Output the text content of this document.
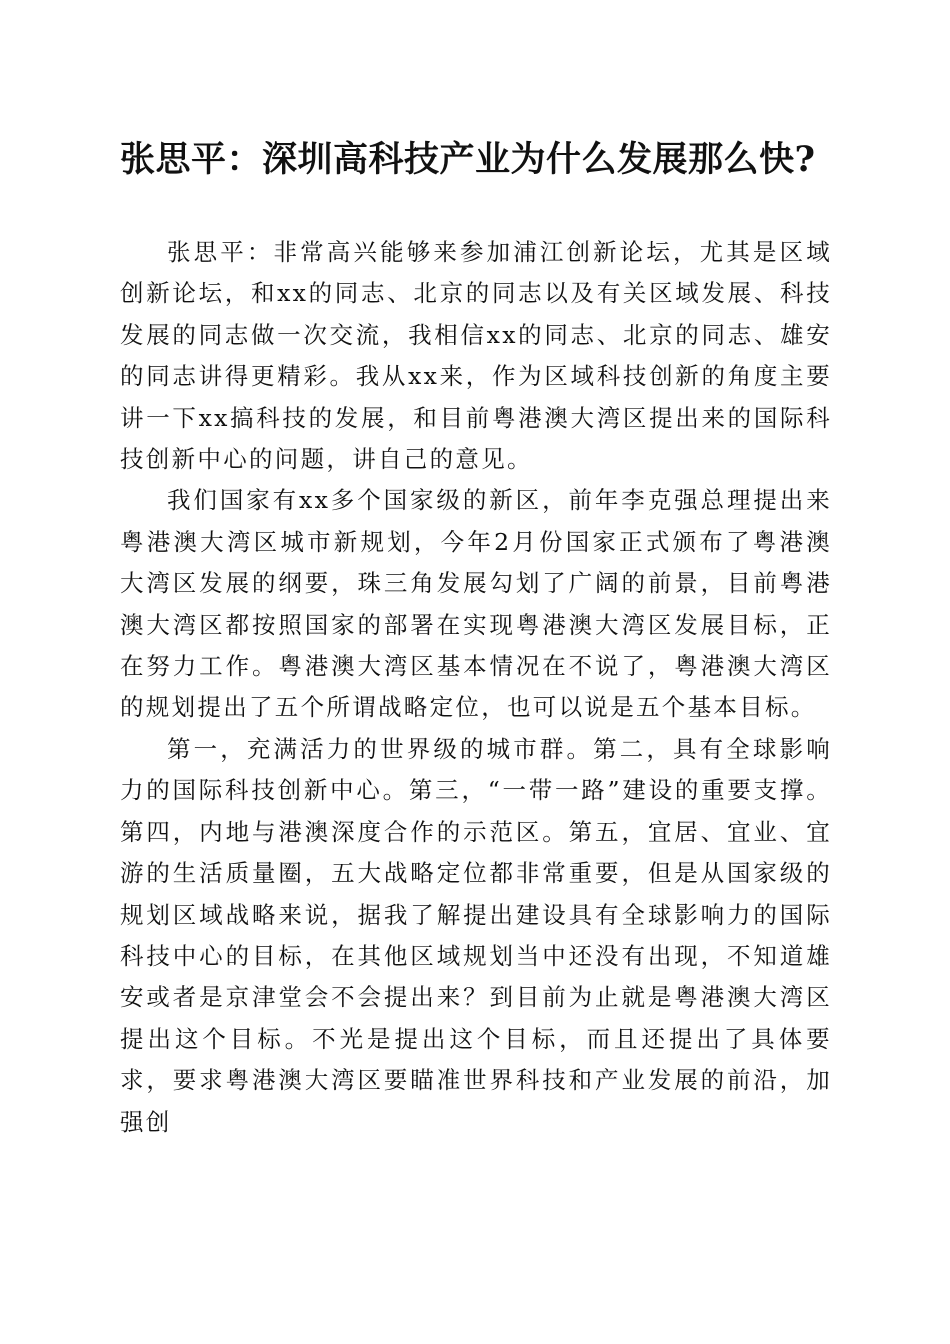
张思平：深圳高科技产业为什么发展那么快?

张思平：非常高兴能够来参加浦江创新论坛，尤其是区域创新论坛，和xx的同志、北京的同志以及有关区域发展、科技发展的同志做一次交流，我相信xx的同志、北京的同志、雄安的同志讲得更精彩。我从xx来，作为区域科技创新的角度主要讲一下xx搞科技的发展，和目前粤港澳大湾区提出来的国际科技创新中心的问题，讲自己的意见。

我们国家有xx多个国家级的新区，前年李克强总理提出来粤港澳大湾区城市新规划，今年2月份国家正式颁布了粤港澳大湾区发展的纲要，珠三角发展勾划了广阔的前景，目前粤港澳大湾区都按照国家的部署在实现粤港澳大湾区发展目标，正在努力工作。粤港澳大湾区基本情况在不说了，粤港澳大湾区的规划提出了五个所谓战略定位，也可以说是五个基本目标。

第一，充满活力的世界级的城市群。第二，具有全球影响力的国际科技创新中心。第三，“一带一路”建设的重要支撑。第四，内地与港澳深度合作的示范区。第五，宜居、宜业、宜游的生活质量圈，五大战略定位都非常重要，但是从国家级的规划区域战略来说，据我了解提出建设具有全球影响力的国际科技中心的目标，在其他区域规划当中还没有出现，不知道雄安或者是京津堂会不会提出来？到目前为止就是粤港澳大湾区提出这个目标。不光是提出这个目标，而且还提出了具体要求，要求粤港澳大湾区要瞄准世界科技和产业发展的前沿，加强创
